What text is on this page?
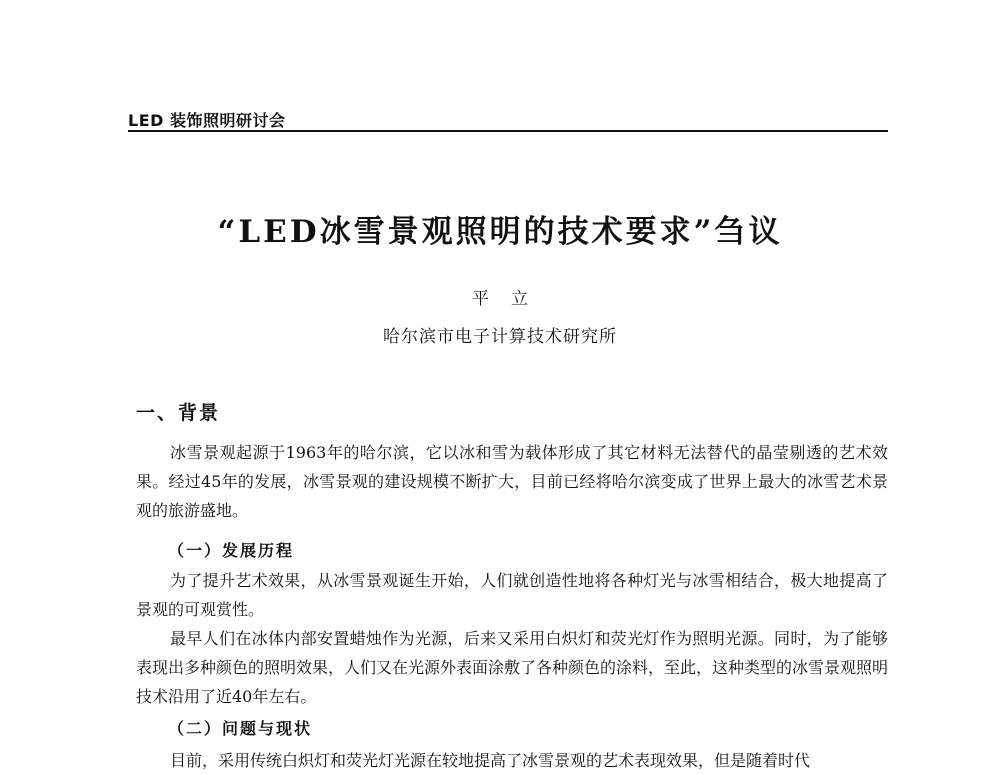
LED 装饰照明研讨会
“LED冰雪景观照明的技术要求”刍议
平立
哈尔滨市电子计算技术研究所
一、背景

冰雪景观起源于1963年的哈尔滨，它以冰和雪为载体形成了其它材料无法替代的晶莹剔透的艺术效果。经过45年的发展，冰雪景观的建设规模不断扩大，目前已经将哈尔滨变成了世界上最大的冰雪艺术景观的旅游盛地。

（一）发展历程

为了提升艺术效果，从冰雪景观诞生开始，人们就创造性地将各种灯光与冰雪相结合，极大地提高了景观的可观赏性。

最早人们在冰体内部安置蜡烛作为光源，后来又采用白炽灯和荧光灯作为照明光源。同时，为了能够表现出多种颜色的照明效果，人们又在光源外表面涂敷了各种颜色的涂料，至此，这种类型的冰雪景观照明技术沿用了近40年左右。

（二）问题与现状

目前，采用传统白炽灯和荧光灯光源在较地提高了冰雪景观的艺术表现效果，但是随着时代
